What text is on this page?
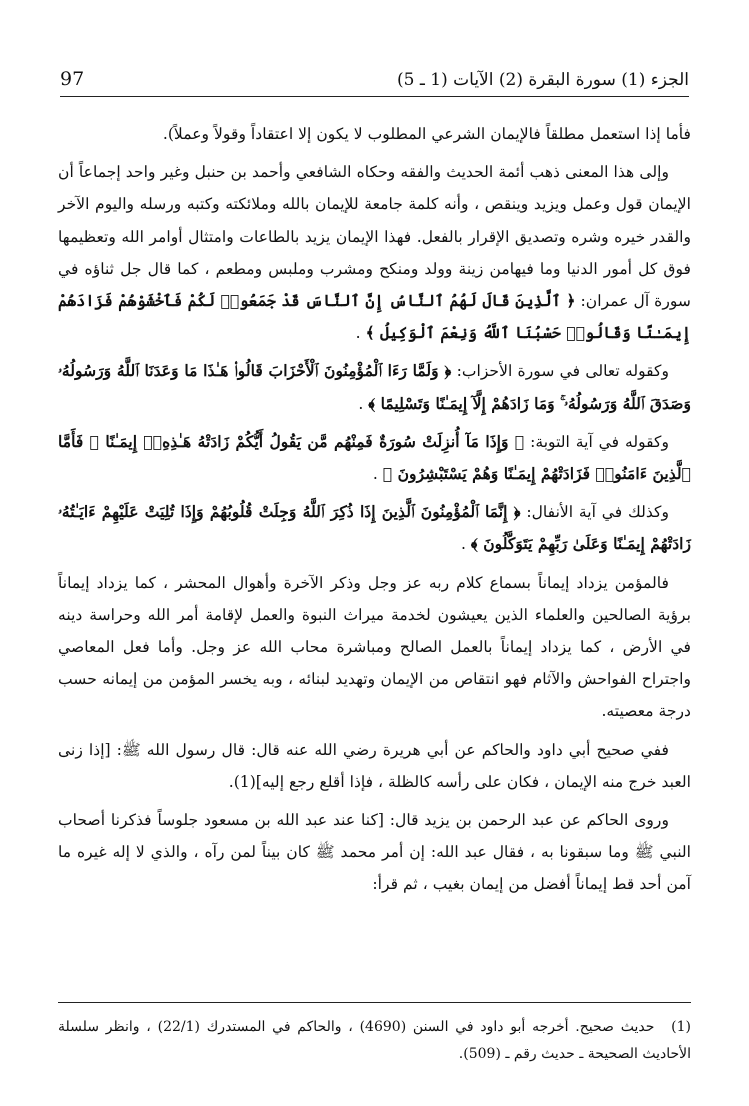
الجزء (1) سورة البقرة (2) الآيات (1 ـ 5)
97

فأما إذا استعمل مطلقاً فالإيمان الشرعي المطلوب لا يكون إلا اعتقاداً وقولاً وعملاً).

وإلى هذا المعنى ذهب أئمة الحديث والفقه وحكاه الشافعي وأحمد بن حنبل وغير واحد إجماعاً أن الإيمان قول وعمل ويزيد وينقص ، وأنه كلمة جامعة للإيمان بالله وملائكته وكتبه ورسله واليوم الآخر والقدر خيره وشره وتصديق الإقرار بالفعل. فهذا الإيمان يزيد بالطاعات وامتثال أوامر الله وتعظيمها فوق كل أمور الدنيا وما فيهامن زينة وولد ومنكح ومشرب وملبس ومطعم ، كما قال جل ثناؤه في سورة آل عمران: ﴿ ٱلَّذِينَ قَالَ لَهُمُ ٱلنَّاسُ إِنَّ ٱلنَّاسَ قَدْ جَمَعُوا۟ لَكُمْ فَٱخْشَوْهُمْ فَزَادَهُمْ إِيمَـٰنًا وَقَالُوا۟ حَسْبُنَا ٱللَّهُ وَنِعْمَ ٱلْوَكِيلُ ﴾ .

وكقوله تعالى في سورة الأحزاب: ﴿ وَلَمَّا رَءَا ٱلْمُؤْمِنُونَ ٱلْأَحْزَابَ قَالُوا۟ هَـٰذَا مَا وَعَدَنَا ٱللَّهُ وَرَسُولُهُۥ وَصَدَقَ ٱللَّهُ وَرَسُولُهُۥ ۚ وَمَا زَادَهُمْ إِلَّآ إِيمَـٰنًا وَتَسْلِيمًا ﴾ .

وكقوله في آية التوبة: ﴿ وَإِذَا مَآ أُنزِلَتْ سُورَةٌ فَمِنْهُم مَّن يَقُولُ أَيُّكُمْ زَادَتْهُ هَـٰذِهِۦٓ إِيمَـٰنًا ۚ فَأَمَّا ٱلَّذِينَ ءَامَنُوا۟ فَزَادَتْهُمْ إِيمَـٰنًا وَهُمْ يَسْتَبْشِرُونَ ﴾ .

وكذلك في آية الأنفال: ﴿ إِنَّمَا ٱلْمُؤْمِنُونَ ٱلَّذِينَ إِذَا ذُكِرَ ٱللَّهُ وَجِلَتْ قُلُوبُهُمْ وَإِذَا تُلِيَتْ عَلَيْهِمْ ءَايَـٰتُهُۥ زَادَتْهُمْ إِيمَـٰنًا وَعَلَىٰ رَبِّهِمْ يَتَوَكَّلُونَ ﴾ .

فالمؤمن يزداد إيماناً بسماع كلام ربه عز وجل وذكر الآخرة وأهوال المحشر ، كما يزداد إيماناً برؤية الصالحين والعلماء الذين يعيشون لخدمة ميراث النبوة والعمل لإقامة أمر الله وحراسة دينه في الأرض ، كما يزداد إيماناً بالعمل الصالح ومباشرة محاب الله عز وجل. وأما فعل المعاصي واجتراح الفواحش والآثام فهو انتقاص من الإيمان وتهديد لبنائه ، وبه يخسر المؤمن من إيمانه حسب درجة معصيته.

ففي صحيح أبي داود والحاكم عن أبي هريرة رضي الله عنه قال: قال رسول الله ﷺ: [إذا زنى العبد خرج منه الإيمان ، فكان على رأسه كالظلة ، فإذا أقلع رجع إليه](1).

وروى الحاكم عن عبد الرحمن بن يزيد قال: [كنا عند عبد الله بن مسعود جلوساً فذكرنا أصحاب النبي ﷺ وما سبقونا به ، فقال عبد الله: إن أمر محمد ﷺ كان بيناً لمن رآه ، والذي لا إله غيره ما آمن أحد قط إيماناً أفضل من إيمان بغيب ، ثم قرأ:

(1) حديث صحيح. أخرجه أبو داود في السنن (4690) ، والحاكم في المستدرك (22/1) ، وانظر سلسلة الأحاديث الصحيحة ـ حديث رقم ـ (509).
